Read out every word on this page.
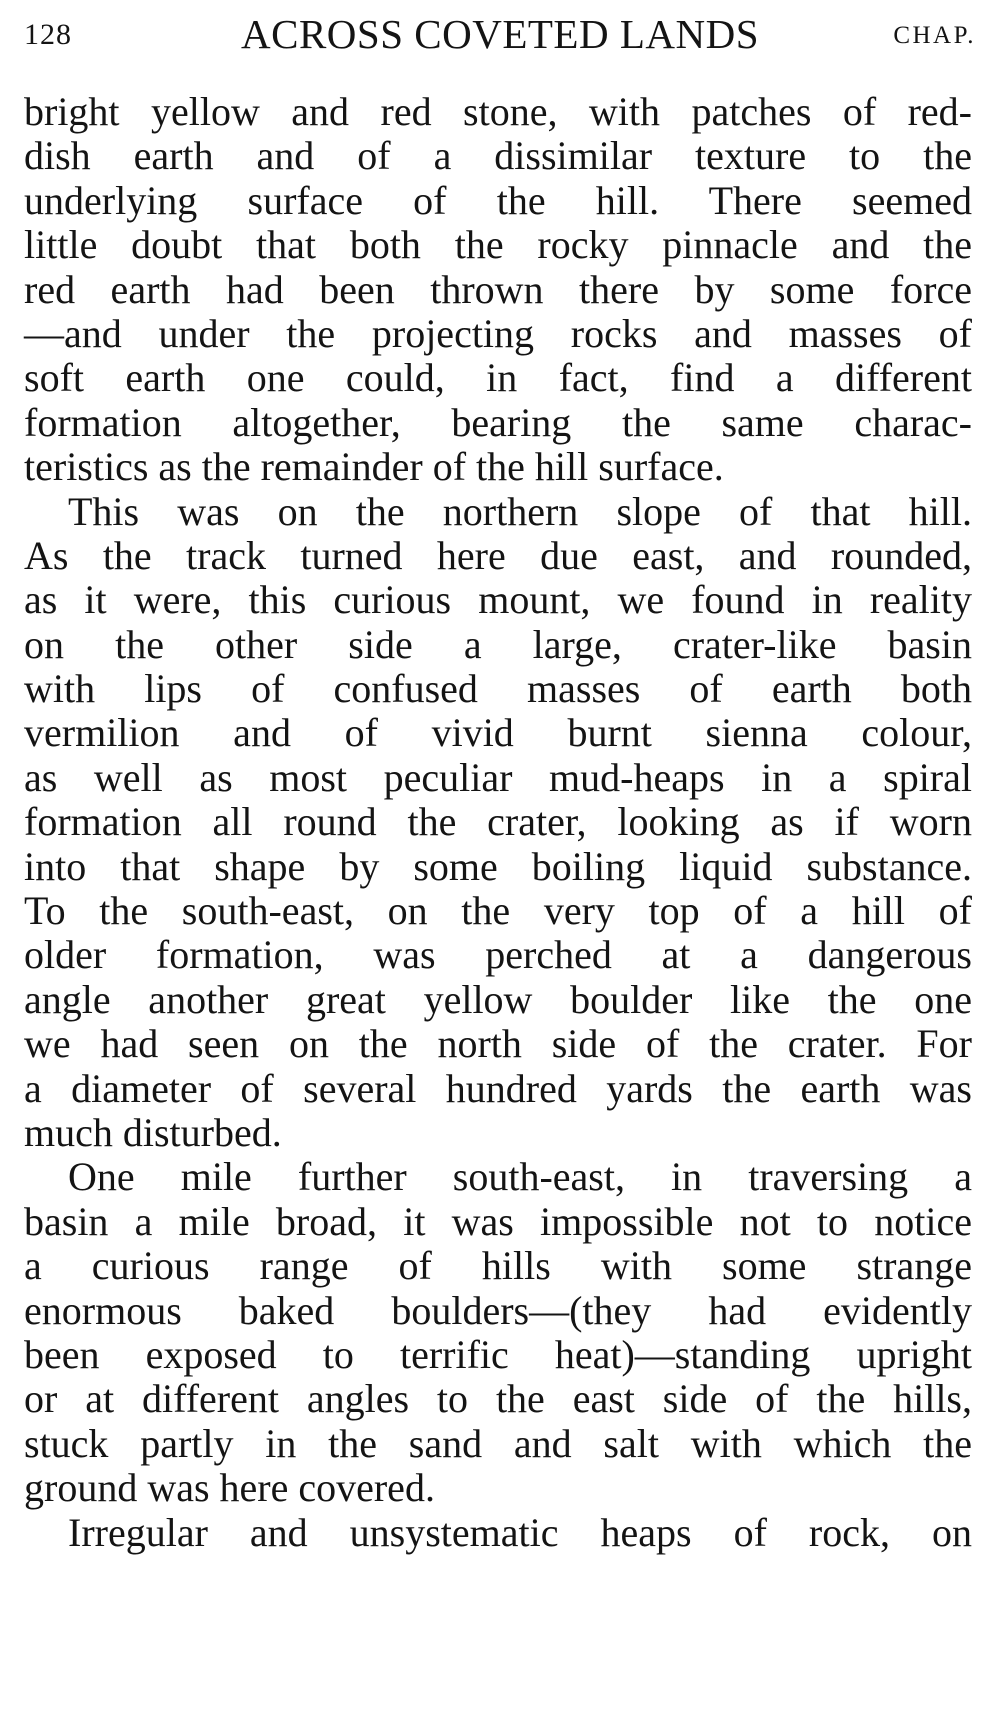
128	ACROSS COVETED LANDS	CHAP.
bright yellow and red stone, with patches of red-
dish earth and of a dissimilar texture to the
underlying surface of the hill. There seemed
little doubt that both the rocky pinnacle and the
red earth had been thrown there by some force
—and under the projecting rocks and masses of
soft earth one could, in fact, find a different
formation altogether, bearing the same charac-
teristics as the remainder of the hill surface.
This was on the northern slope of that hill.
As the track turned here due east, and rounded,
as it were, this curious mount, we found in reality
on the other side a large, crater-like basin
with lips of confused masses of earth both
vermilion and of vivid burnt sienna colour,
as well as most peculiar mud-heaps in a spiral
formation all round the crater, looking as if worn
into that shape by some boiling liquid substance.
To the south-east, on the very top of a hill of
older formation, was perched at a dangerous
angle another great yellow boulder like the one
we had seen on the north side of the crater. For
a diameter of several hundred yards the earth was
much disturbed.
One mile further south-east, in traversing a
basin a mile broad, it was impossible not to notice
a curious range of hills with some strange
enormous baked boulders—(they had evidently
been exposed to terrific heat)—standing upright
or at different angles to the east side of the hills,
stuck partly in the sand and salt with which the
ground was here covered.
Irregular and unsystematic heaps of rock, on
